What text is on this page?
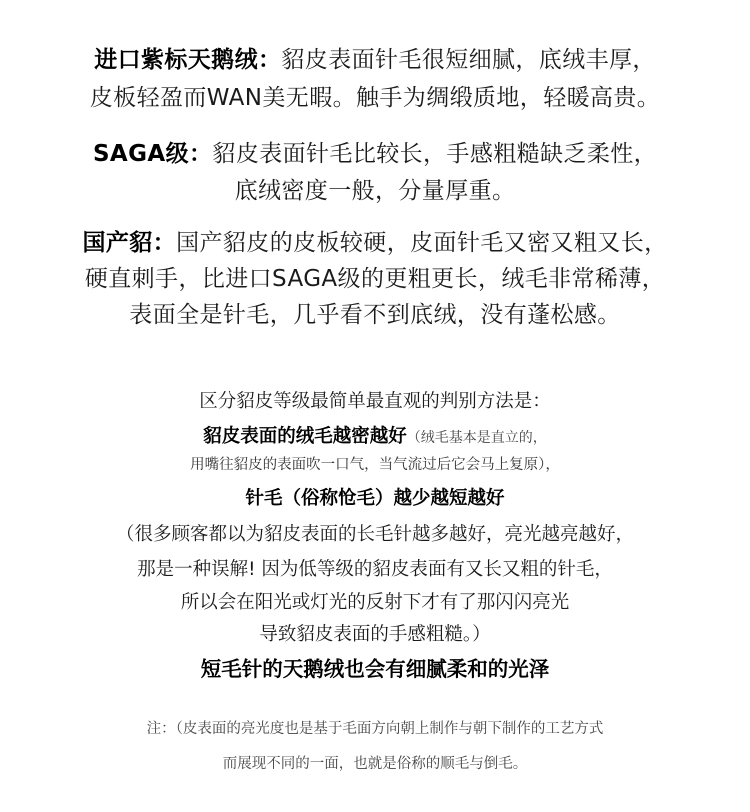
进口紫标天鹅绒：貂皮表面针毛很短细腻，底绒丰厚，
皮板轻盈而WAN美无暇。触手为绸缎质地，轻暖高贵。
SAGA级：貂皮表面针毛比较长，手感粗糙缺乏柔性，
底绒密度一般，分量厚重。
国产貂：国产貂皮的皮板较硬，皮面针毛又密又粗又长，
硬直刺手，比进口SAGA级的更粗更长，绒毛非常稀薄，
表面全是针毛，几乎看不到底绒，没有蓬松感。
区分貂皮等级最简单最直观的判别方法是：
貂皮表面的绒毛越密越好（绒毛基本是直立的，
用嘴往貂皮的表面吹一口气，当气流过后它会马上复原），
针毛（俗称怆毛）越少越短越好
（很多顾客都以为貂皮表面的长毛针越多越好，亮光越亮越好，
那是一种误解! 因为低等级的貂皮表面有又长又粗的针毛，
所以会在阳光或灯光的反射下才有了那闪闪亮光
导致貂皮表面的手感粗糙。）
短毛针的天鹅绒也会有细腻柔和的光泽
注：（皮表面的亮光度也是基于毛面方向朝上制作与朝下制作的工艺方式
而展现不同的一面，也就是俗称的顺毛与倒毛。
